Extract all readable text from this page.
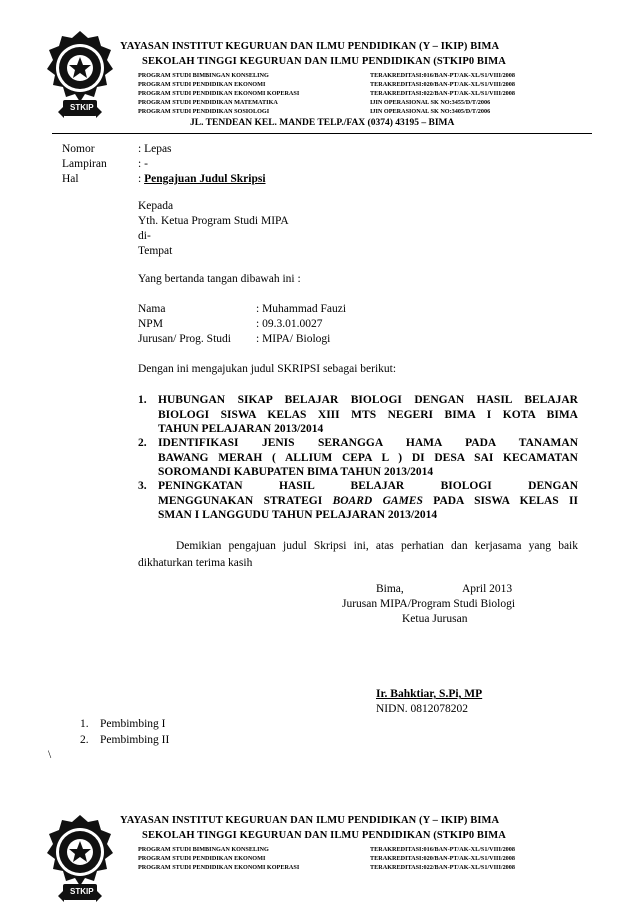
STKIP
YAYASAN INSTITUT KEGURUAN DAN ILMU PENDIDIKAN (Y – IKIP) BIMA
SEKOLAH TINGGI KEGURUAN DAN ILMU PENDIDIKAN (STKIP0 BIMA
PROGRAM STUDI BIMBINGAN KONSELING	TERAKREDITASI:016/BAN-PT/AK-XL/S1/VIII/2008
PROGRAM STUDI PENDIDIKAN EKONOMI	TERAKREDITASI:020/BAN-PT/AK-XL/S1/VIII/2008
PROGRAM STUDI PENDIDIKAN EKONOMI KOPERASI	TERAKREDITASI:022/BAN-PT/AK-XL/S1/VIII/2008
PROGRAM STUDI PENDIDIKAN MATEMATIKA	IJIN OPERASIONAL SK NO:3455/D/T/2006
PROGRAM STUDI PENDIDIKAN SOSIOLOGI	IJIN OPERASIONAL SK NO:3405/D/T/2006
JL. TENDEAN KEL. MANDE TELP./FAX (0374) 43195 – BIMA
Nomor	: Lepas
Lampiran	: -
Hal	: Pengajuan Judul Skripsi
Kepada
Yth. Ketua Program Studi MIPA
di-
Tempat
Yang bertanda tangan dibawah ini :
Nama	: Muhammad Fauzi
NPM	: 09.3.01.0027
Jurusan/ Prog. Studi : MIPA/ Biologi
Dengan ini mengajukan judul SKRIPSI sebagai berikut:
1. HUBUNGAN SIKAP BELAJAR BIOLOGI DENGAN HASIL BELAJAR
BIOLOGI SISWA KELAS XIII MTS NEGERI BIMA I KOTA BIMA
TAHUN PELAJARAN 2013/2014
2. IDENTIFIKASI JENIS SERANGGA HAMA PADA TANAMAN
BAWANG MERAH ( ALLIUM CEPA L ) DI DESA SAI KECAMATAN
SOROMANDI KABUPATEN BIMA TAHUN 2013/2014
3. PENINGKATAN HASIL BELAJAR BIOLOGI DENGAN
MENGGUNAKAN STRATEGI BOARD GAMES PADA SISWA KELAS II
SMAN I LANGGUDU TAHUN PELAJARAN 2013/2014
Demikian pengajuan judul Skripsi ini, atas perhatian dan kerjasama yang baik dikhaturkan terima kasih
Bima,	April 2013
Jurusan MIPA/Program Studi Biologi
Ketua Jurusan
Ir. Bahktiar, S.Pi, MP
NIDN. 0812078202
1. Pembimbing I
2. Pembimbing II
\
STKIP
YAYASAN INSTITUT KEGURUAN DAN ILMU PENDIDIKAN (Y – IKIP) BIMA
SEKOLAH TINGGI KEGURUAN DAN ILMU PENDIDIKAN (STKIP0 BIMA
PROGRAM STUDI BIMBINGAN KONSELING	TERAKREDITASI:016/BAN-PT/AK-XL/S1/VIII/2008
PROGRAM STUDI PENDIDIKAN EKONOMI	TERAKREDITASI:020/BAN-PT/AK-XL/S1/VIII/2008
PROGRAM STUDI PENDIDIKAN EKONOMI KOPERASI	TERAKREDITASI:022/BAN-PT/AK-XL/S1/VIII/2008
